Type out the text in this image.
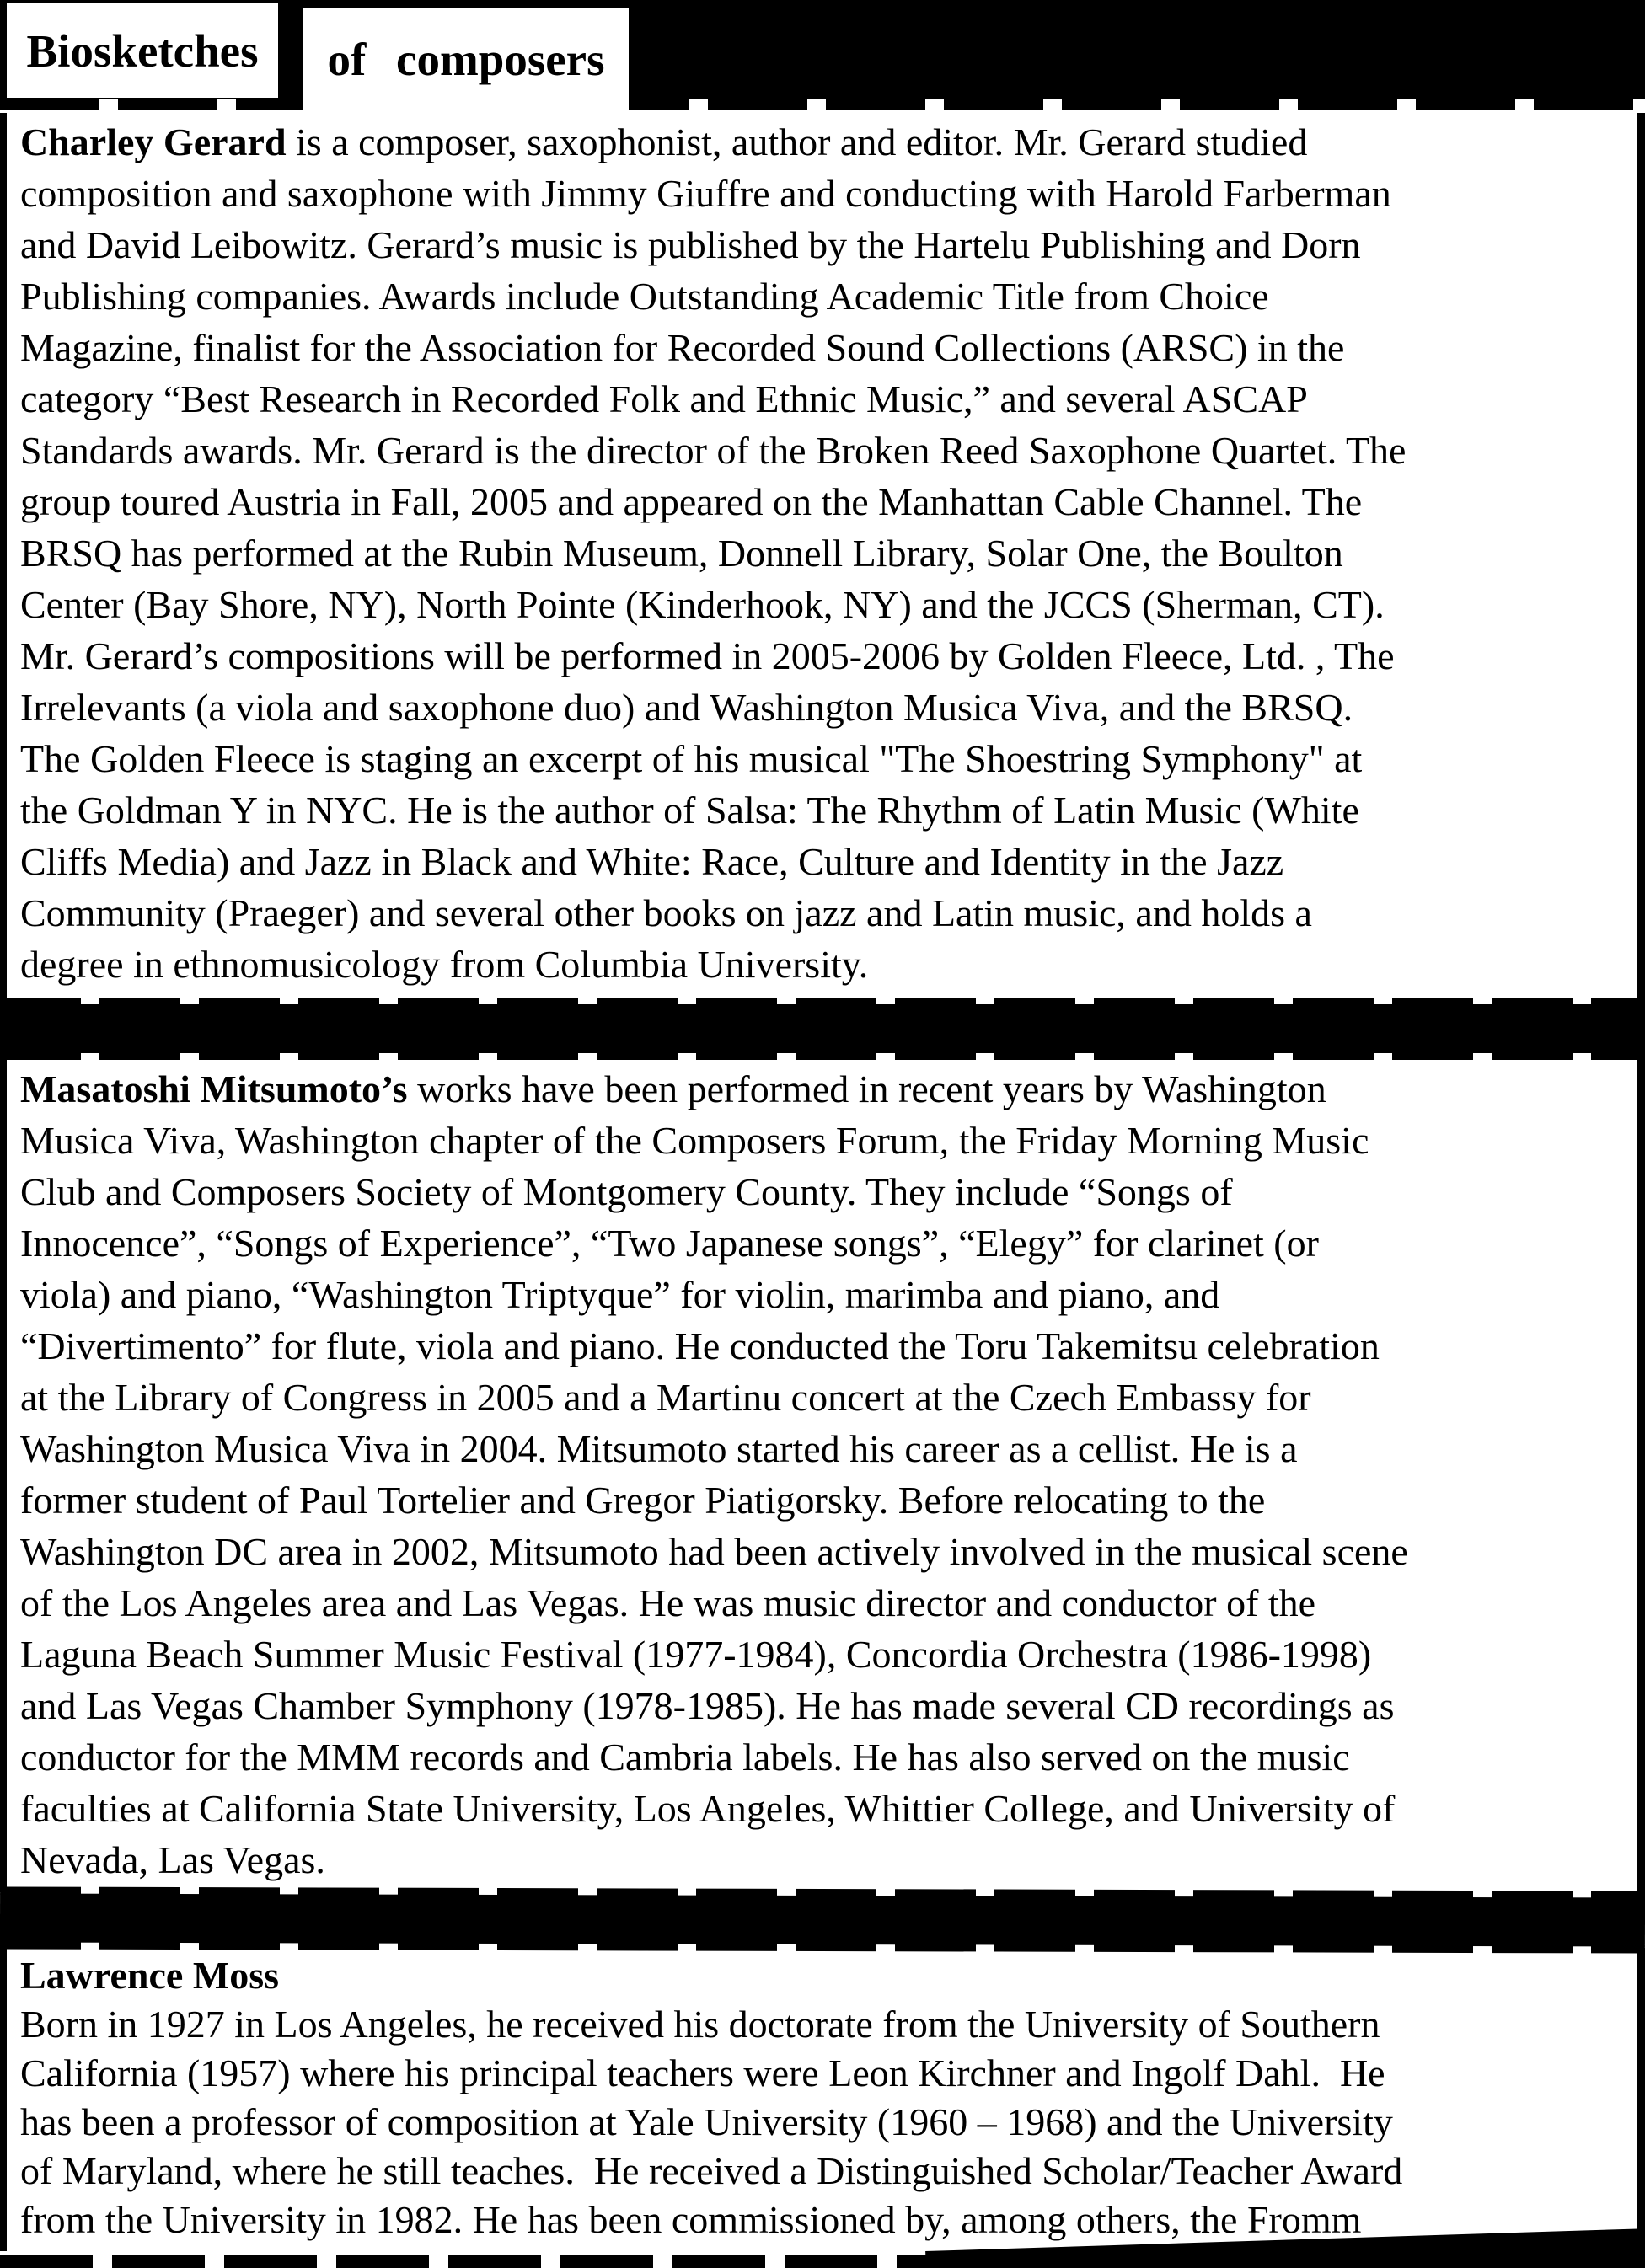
Biosketches of composers
Charley Gerard is a composer, saxophonist, author and editor. Mr. Gerard studied
composition and saxophone with Jimmy Giuffre and conducting with Harold Farberman
and David Leibowitz. Gerard’s music is published by the Hartelu Publishing and Dorn
Publishing companies. Awards include Outstanding Academic Title from Choice
Magazine, finalist for the Association for Recorded Sound Collections (ARSC) in the
category “Best Research in Recorded Folk and Ethnic Music,” and several ASCAP
Standards awards. Mr. Gerard is the director of the Broken Reed Saxophone Quartet. The
group toured Austria in Fall, 2005 and appeared on the Manhattan Cable Channel. The
BRSQ has performed at the Rubin Museum, Donnell Library, Solar One, the Boulton
Center (Bay Shore, NY), North Pointe (Kinderhook, NY) and the JCCS (Sherman, CT).
Mr. Gerard’s compositions will be performed in 2005-2006 by Golden Fleece, Ltd. , The
Irrelevants (a viola and saxophone duo) and Washington Musica Viva, and the BRSQ.
The Golden Fleece is staging an excerpt of his musical "The Shoestring Symphony" at
the Goldman Y in NYC. He is the author of Salsa: The Rhythm of Latin Music (White
Cliffs Media) and Jazz in Black and White: Race, Culture and Identity in the Jazz
Community (Praeger) and several other books on jazz and Latin music, and holds a
degree in ethnomusicology from Columbia University.
Masatoshi Mitsumoto’s works have been performed in recent years by Washington
Musica Viva, Washington chapter of the Composers Forum, the Friday Morning Music
Club and Composers Society of Montgomery County. They include “Songs of
Innocence”, “Songs of Experience”, “Two Japanese songs”, “Elegy” for clarinet (or
viola) and piano, “Washington Triptyque” for violin, marimba and piano, and
“Divertimento” for flute, viola and piano. He conducted the Toru Takemitsu celebration
at the Library of Congress in 2005 and a Martinu concert at the Czech Embassy for
Washington Musica Viva in 2004. Mitsumoto started his career as a cellist. He is a
former student of Paul Tortelier and Gregor Piatigorsky. Before relocating to the
Washington DC area in 2002, Mitsumoto had been actively involved in the musical scene
of the Los Angeles area and Las Vegas. He was music director and conductor of the
Laguna Beach Summer Music Festival (1977-1984), Concordia Orchestra (1986-1998)
and Las Vegas Chamber Symphony (1978-1985). He has made several CD recordings as
conductor for the MMM records and Cambria labels. He has also served on the music
faculties at California State University, Los Angeles, Whittier College, and University of
Nevada, Las Vegas.
Lawrence Moss
Born in 1927 in Los Angeles, he received his doctorate from the University of Southern
California (1957) where his principal teachers were Leon Kirchner and Ingolf Dahl.  He
has been a professor of composition at Yale University (1960 – 1968) and the University
of Maryland, where he still teaches.  He received a Distinguished Scholar/Teacher Award
from the University in 1982. He has been commissioned by, among others, the Fromm
